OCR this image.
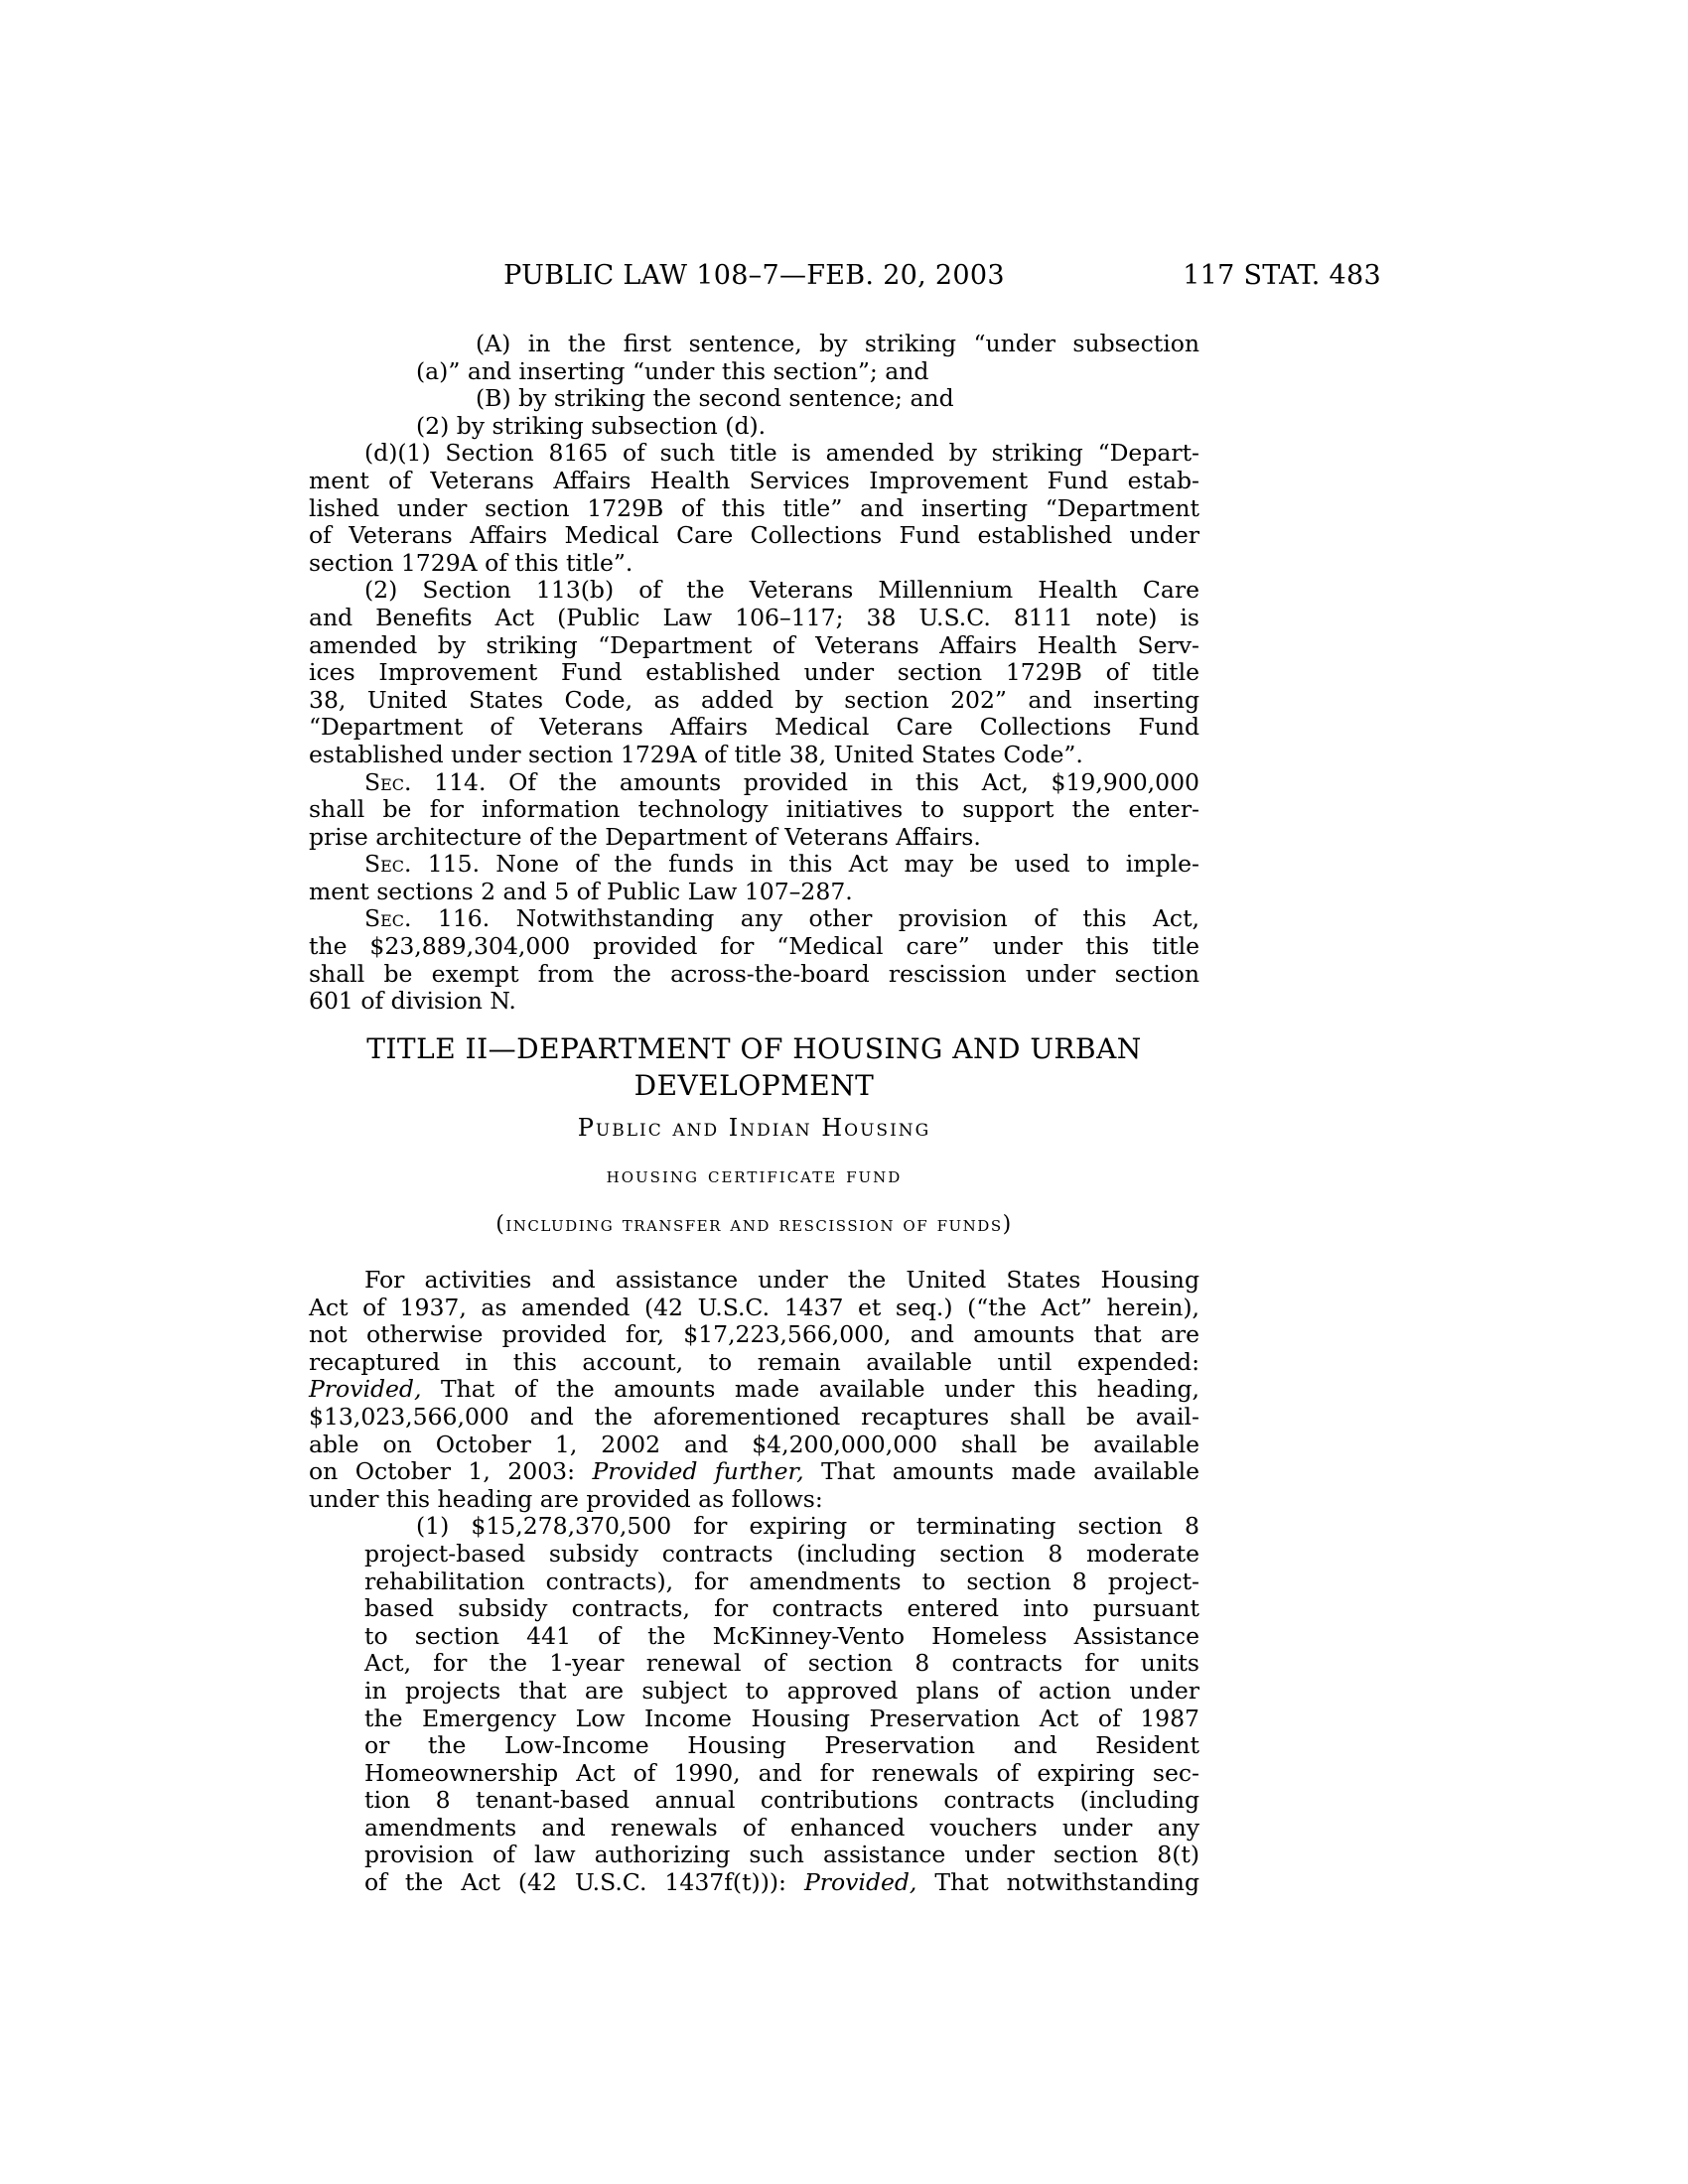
PUBLIC LAW 108–7—FEB. 20, 2003	117 STAT. 483
(A) in the first sentence, by striking “under subsection
(a)” and inserting “under this section”; and
(B) by striking the second sentence; and
(2) by striking subsection (d).
(d)(1) Section 8165 of such title is amended by striking “Depart-
ment of Veterans Affairs Health Services Improvement Fund estab-
lished under section 1729B of this title” and inserting “Department
of Veterans Affairs Medical Care Collections Fund established under
section 1729A of this title”.
(2) Section 113(b) of the Veterans Millennium Health Care
and Benefits Act (Public Law 106–117; 38 U.S.C. 8111 note) is
amended by striking “Department of Veterans Affairs Health Serv-
ices Improvement Fund established under section 1729B of title
38, United States Code, as added by section 202” and inserting
“Department of Veterans Affairs Medical Care Collections Fund
established under section 1729A of title 38, United States Code”.
Sec. 114. Of the amounts provided in this Act, $19,900,000
shall be for information technology initiatives to support the enter-
prise architecture of the Department of Veterans Affairs.
Sec. 115. None of the funds in this Act may be used to imple-
ment sections 2 and 5 of Public Law 107–287.
Sec. 116. Notwithstanding any other provision of this Act,
the $23,889,304,000 provided for “Medical care” under this title
shall be exempt from the across-the-board rescission under section
601 of division N.
TITLE II—DEPARTMENT OF HOUSING AND URBAN
DEVELOPMENT
Public and Indian Housing
housing certificate fund
(including transfer and rescission of funds)
For activities and assistance under the United States Housing
Act of 1937, as amended (42 U.S.C. 1437 et seq.) (“the Act” herein),
not otherwise provided for, $17,223,566,000, and amounts that are
recaptured in this account, to remain available until expended:
Provided, That of the amounts made available under this heading,
$13,023,566,000 and the aforementioned recaptures shall be avail-
able on October 1, 2002 and $4,200,000,000 shall be available
on October 1, 2003: Provided further, That amounts made available
under this heading are provided as follows:
(1) $15,278,370,500 for expiring or terminating section 8
project-based subsidy contracts (including section 8 moderate
rehabilitation contracts), for amendments to section 8 project-
based subsidy contracts, for contracts entered into pursuant
to section 441 of the McKinney-Vento Homeless Assistance
Act, for the 1-year renewal of section 8 contracts for units
in projects that are subject to approved plans of action under
the Emergency Low Income Housing Preservation Act of 1987
or the Low-Income Housing Preservation and Resident
Homeownership Act of 1990, and for renewals of expiring sec-
tion 8 tenant-based annual contributions contracts (including
amendments and renewals of enhanced vouchers under any
provision of law authorizing such assistance under section 8(t)
of the Act (42 U.S.C. 1437f(t))): Provided, That notwithstanding
